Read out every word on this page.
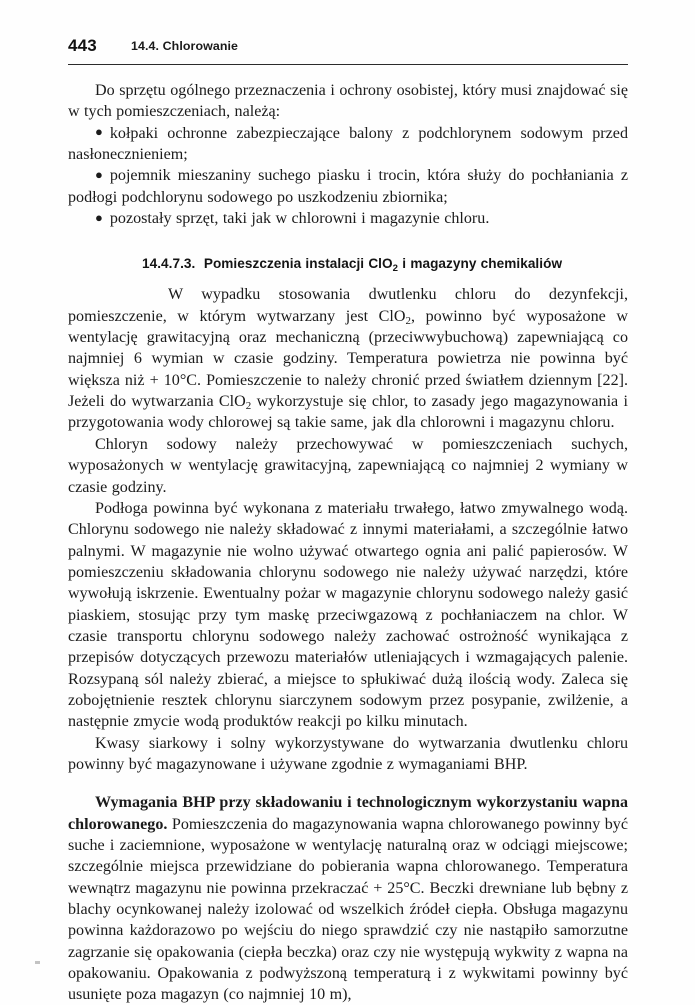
443	14.4. Chlorowanie

Do sprzętu ogólnego przeznaczenia i ochrony osobistej, który musi znajdować się w tych pomieszczeniach, należą:

● kołpaki ochronne zabezpieczające balony z podchlorynem sodowym przed nasłonecznieniem;

● pojemnik mieszaniny suchego piasku i trocin, która służy do pochłaniania z podłogi podchlorynu sodowego po uszkodzeniu zbiornika;

● pozostały sprzęt, taki jak w chlorowni i magazynie chloru.

14.4.7.3. Pomieszczenia instalacji ClO$_2$ i magazyny chemikaliów

W wypadku stosowania dwutlenku chloru do dezynfekcji, pomieszczenie, w którym wytwarzany jest ClO$_2$, powinno być wyposażone w wentylację grawitacyjną oraz mechaniczną (przeciwwybuchową) zapewniającą co najmniej 6 wymian w czasie godziny. Temperatura powietrza nie powinna być większa niż + 10°C. Pomieszczenie to należy chronić przed światłem dziennym [22]. Jeżeli do wytwarzania ClO$_2$ wykorzystuje się chlor, to zasady jego magazynowania i przygotowania wody chlorowej są takie same, jak dla chlorowni i magazynu chloru.

Chloryn sodowy należy przechowywać w pomieszczeniach suchych, wyposażonych w wentylację grawitacyjną, zapewniającą co najmniej 2 wymiany w czasie godziny.

Podłoga powinna być wykonana z materiału trwałego, łatwo zmywalnego wodą. Chlorynu sodowego nie należy składować z innymi materiałami, a szczególnie łatwo palnymi. W magazynie nie wolno używać otwartego ognia ani palić papierosów. W pomieszczeniu składowania chlorynu sodowego nie należy używać narzędzi, które wywołują iskrzenie. Ewentualny pożar w magazynie chlorynu sodowego należy gasić piaskiem, stosując przy tym maskę przeciwgazową z pochłaniaczem na chlor. W czasie transportu chlorynu sodowego należy zachować ostrożność wynikająca z przepisów dotyczących przewozu materiałów utleniających i wzmagających palenie. Rozsypaną sól należy zbierać, a miejsce to spłukiwać dużą ilością wody. Zaleca się zobojętnienie resztek chlorynu siarczynem sodowym przez posypanie, zwilżenie, a następnie zmycie wodą produktów reakcji po kilku minutach.

Kwasy siarkowy i solny wykorzystywane do wytwarzania dwutlenku chloru powinny być magazynowane i używane zgodnie z wymaganiami BHP.

Wymagania BHP przy składowaniu i technologicznym wykorzystaniu wapna chlorowanego. Pomieszczenia do magazynowania wapna chlorowanego powinny być suche i zaciemnione, wyposażone w wentylację naturalną oraz w odciągi miejscowe; szczególnie miejsca przewidziane do pobierania wapna chlorowanego. Temperatura wewnątrz magazynu nie powinna przekraczać + 25°C. Beczki drewniane lub bębny z blachy ocynkowanej należy izolować od wszelkich źródeł ciepła. Obsługa magazynu powinna każdorazowo po wejściu do niego sprawdzić czy nie nastąpiło samorzutne zagrzanie się opakowania (ciepła beczka) oraz czy nie występują wykwity z wapna na opakowaniu. Opakowania z podwyższoną temperaturą i z wykwitami powinny być usunięte poza magazyn (co najmniej 10 m),
